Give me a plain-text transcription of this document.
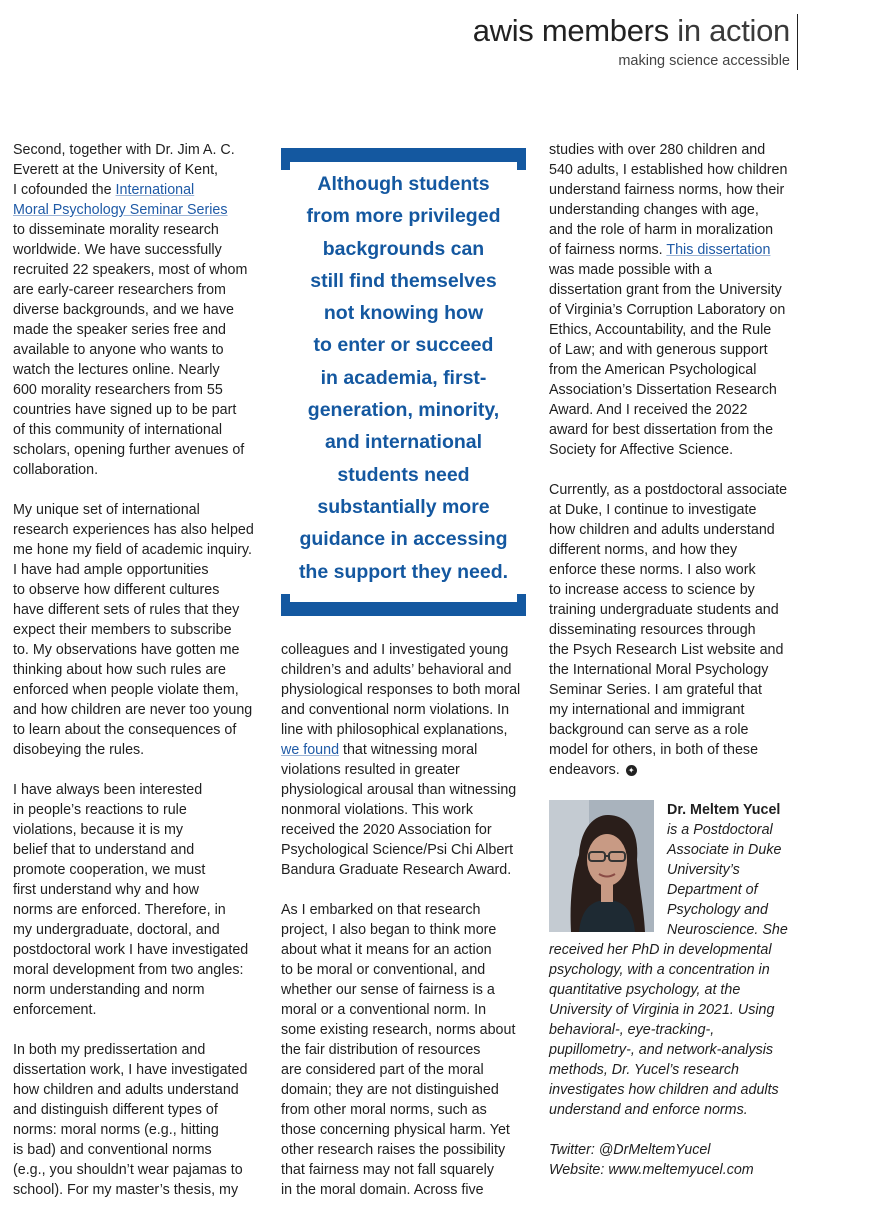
awis members in action
making science accessible

Second, together with Dr. Jim A. C.
Everett at the University of Kent,
I cofounded the International
Moral Psychology Seminar Series
to disseminate morality research
worldwide. We have successfully
recruited 22 speakers, most of whom
are early-career researchers from
diverse backgrounds, and we have
made the speaker series free and
available to anyone who wants to
watch the lectures online. Nearly
600 morality researchers from 55
countries have signed up to be part
of this community of international
scholars, opening further avenues of
collaboration.

My unique set of international
research experiences has also helped
me hone my field of academic inquiry.
I have had ample opportunities
to observe how different cultures
have different sets of rules that they
expect their members to subscribe
to. My observations have gotten me
thinking about how such rules are
enforced when people violate them,
and how children are never too young
to learn about the consequences of
disobeying the rules.

I have always been interested
in people’s reactions to rule
violations, because it is my
belief that to understand and
promote cooperation, we must
first understand why and how
norms are enforced. Therefore, in
my undergraduate, doctoral, and
postdoctoral work I have investigated
moral development from two angles:
norm understanding and norm
enforcement.

In both my predissertation and
dissertation work, I have investigated
how children and adults understand
and distinguish different types of
norms: moral norms (e.g., hitting
is bad) and conventional norms
(e.g., you shouldn’t wear pajamas to
school). For my master’s thesis, my

Although students
from more privileged
backgrounds can
still find themselves
not knowing how
to enter or succeed
in academia, first-
generation, minority,
and international
students need
substantially more
guidance in accessing
the support they need.

colleagues and I investigated young
children’s and adults’ behavioral and
physiological responses to both moral
and conventional norm violations. In
line with philosophical explanations,
we found that witnessing moral
violations resulted in greater
physiological arousal than witnessing
nonmoral violations. This work
received the 2020 Association for
Psychological Science/Psi Chi Albert
Bandura Graduate Research Award.

As I embarked on that research
project, I also began to think more
about what it means for an action
to be moral or conventional, and
whether our sense of fairness is a
moral or a conventional norm. In
some existing research, norms about
the fair distribution of resources
are considered part of the moral
domain; they are not distinguished
from other moral norms, such as
those concerning physical harm. Yet
other research raises the possibility
that fairness may not fall squarely
in the moral domain. Across five

studies with over 280 children and
540 adults, I established how children
understand fairness norms, how their
understanding changes with age,
and the role of harm in moralization
of fairness norms. This dissertation
was made possible with a
dissertation grant from the University
of Virginia’s Corruption Laboratory on
Ethics, Accountability, and the Rule
of Law; and with generous support
from the American Psychological
Association’s Dissertation Research
Award. And I received the 2022
award for best dissertation from the
Society for Affective Science.

Currently, as a postdoctoral associate
at Duke, I continue to investigate
how children and adults understand
different norms, and how they
enforce these norms. I also work
to increase access to science by
training undergraduate students and
disseminating resources through
the Psych Research List website and
the International Moral Psychology
Seminar Series. I am grateful that
my international and immigrant
background can serve as a role
model for others, in both of these
endeavors. ✦

Dr. Meltem Yucel
is a Postdoctoral
Associate in Duke
University’s
Department of
Psychology and
Neuroscience. She
received her PhD in developmental
psychology, with a concentration in
quantitative psychology, at the
University of Virginia in 2021. Using
behavioral-, eye-tracking-,
pupillometry-, and network-analysis
methods, Dr. Yucel’s research
investigates how children and adults
understand and enforce norms.
Twitter: @DrMeltemYucel
Website: www.meltemyucel.com
